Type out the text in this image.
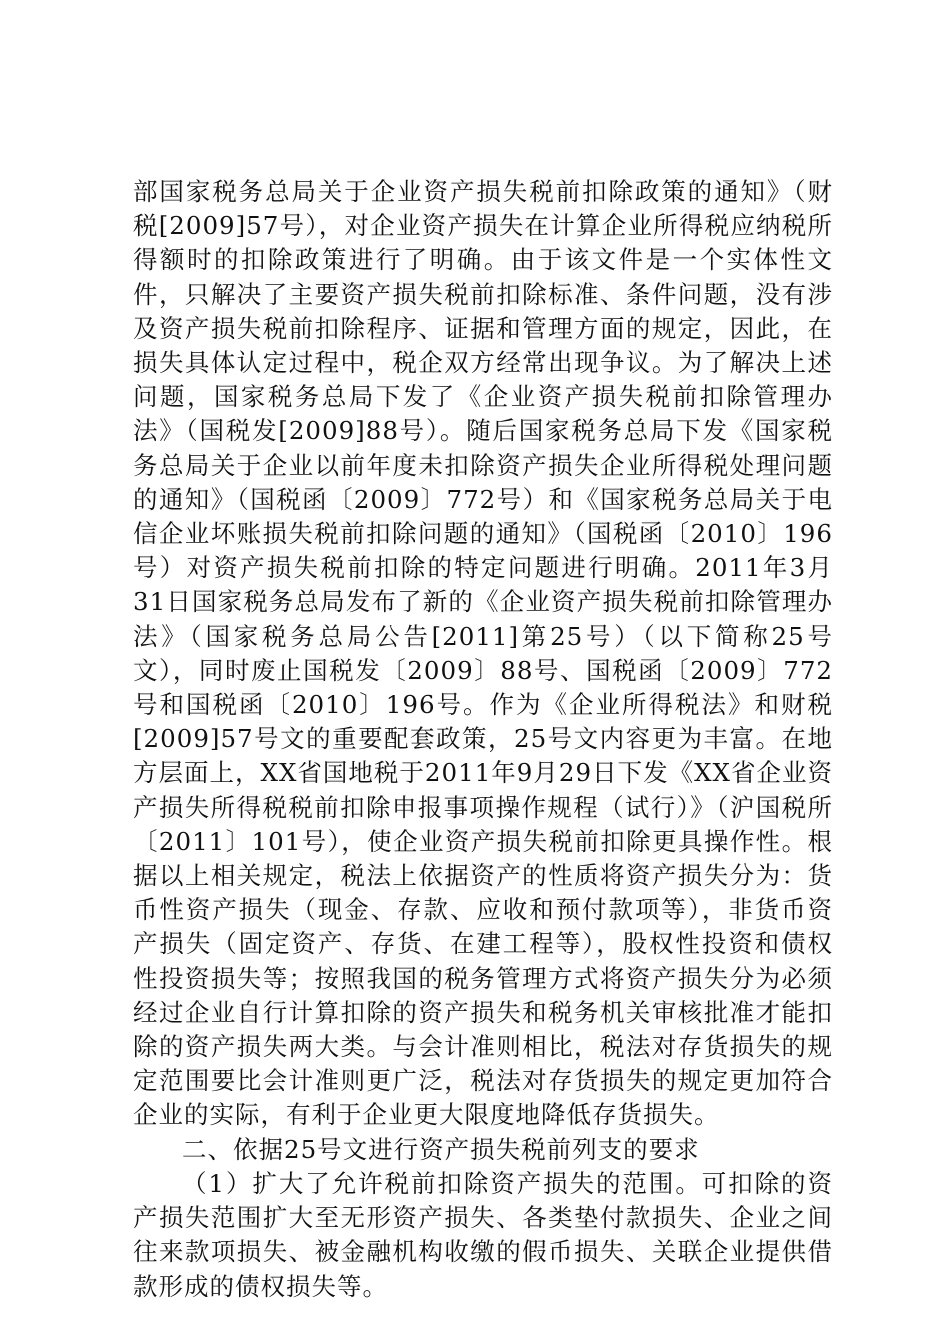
部国家税务总局关于企业资产损失税前扣除政策的通知》（财税[2009]57号），对企业资产损失在计算企业所得税应纳税所得额时的扣除政策进行了明确。由于该文件是一个实体性文件，只解决了主要资产损失税前扣除标准、条件问题，没有涉及资产损失税前扣除程序、证据和管理方面的规定，因此，在损失具体认定过程中，税企双方经常出现争议。为了解决上述问题，国家税务总局下发了《企业资产损失税前扣除管理办法》（国税发[2009]88号）。随后国家税务总局下发《国家税务总局关于企业以前年度未扣除资产损失企业所得税处理问题的通知》（国税函〔2009〕772号）和《国家税务总局关于电信企业坏账损失税前扣除问题的通知》（国税函〔2010〕196号）对资产损失税前扣除的特定问题进行明确。2011年3月31日国家税务总局发布了新的《企业资产损失税前扣除管理办法》（国家税务总局公告[2011]第25号）（以下简称25号文），同时废止国税发〔2009〕88号、国税函〔2009〕772号和国税函〔2010〕196号。作为《企业所得税法》和财税[2009]57号文的重要配套政策，25号文内容更为丰富。在地方层面上，XX省国地税于2011年9月29日下发《XX省企业资产损失所得税税前扣除申报事项操作规程（试行）》（沪国税所〔2011〕101号），使企业资产损失税前扣除更具操作性。根据以上相关规定，税法上依据资产的性质将资产损失分为：货币性资产损失（现金、存款、应收和预付款项等），非货币资产损失（固定资产、存货、在建工程等），股权性投资和债权性投资损失等；按照我国的税务管理方式将资产损失分为必须经过企业自行计算扣除的资产损失和税务机关审核批准才能扣除的资产损失两大类。与会计准则相比，税法对存货损失的规定范围要比会计准则更广泛，税法对存货损失的规定更加符合企业的实际，有利于企业更大限度地降低存货损失。

二、依据25号文进行资产损失税前列支的要求

（1）扩大了允许税前扣除资产损失的范围。可扣除的资产损失范围扩大至无形资产损失、各类垫付款损失、企业之间往来款项损失、被金融机构收缴的假币损失、关联企业提供借款形成的债权损失等。
